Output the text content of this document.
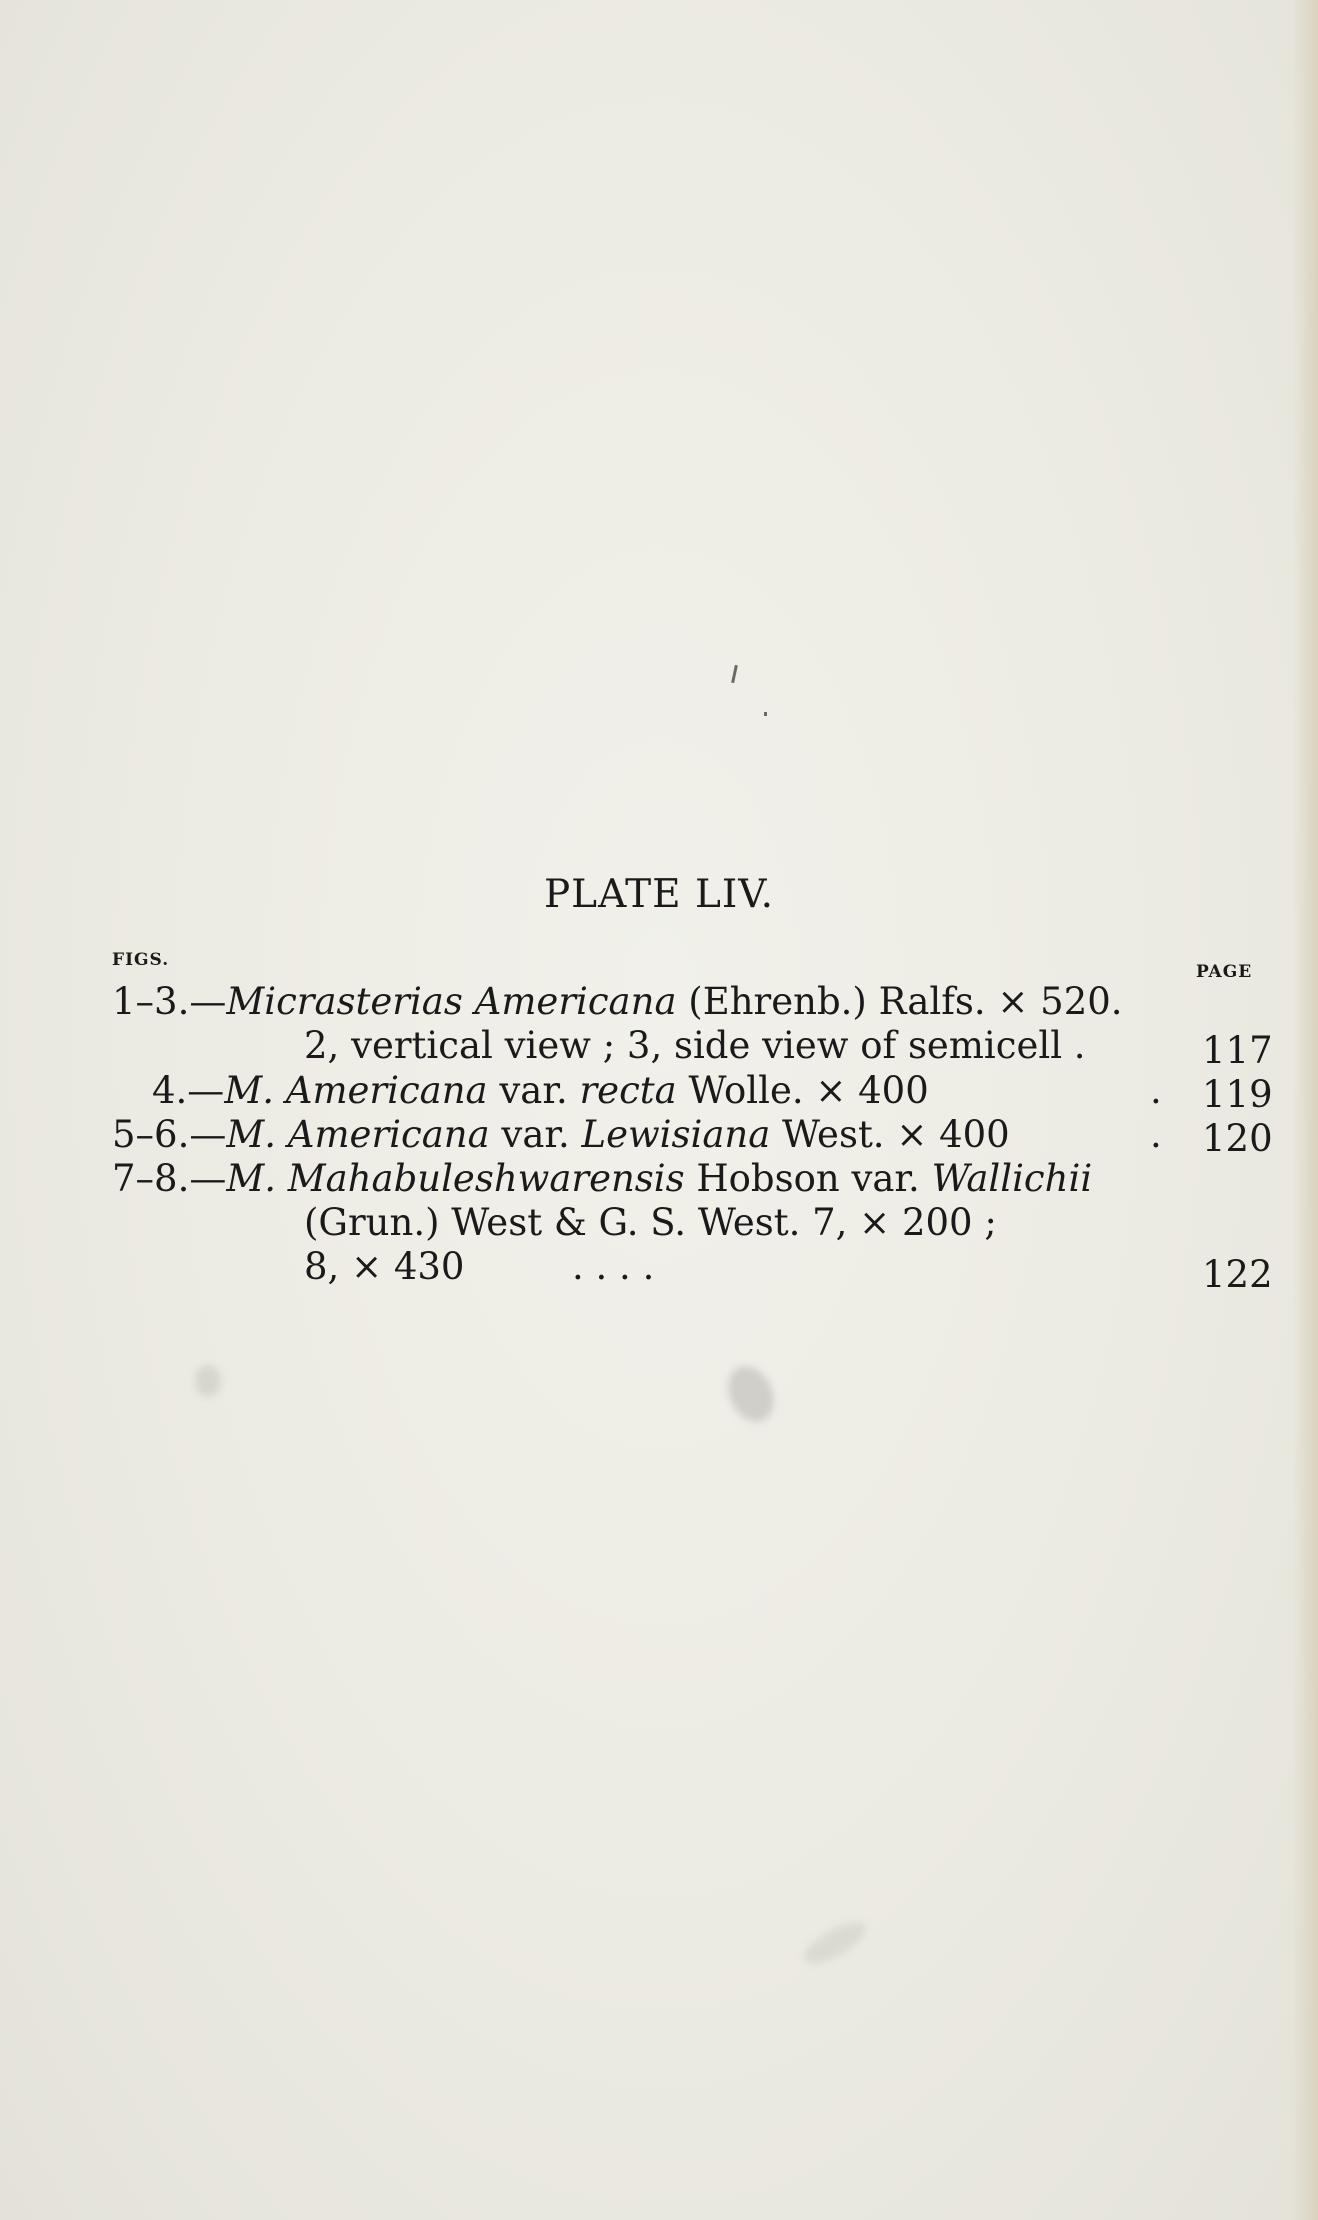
PLATE LIV.
FIGS.
PAGE
1–3.—Micrasterias Americana (Ehrenb.) Ralfs. × 520.
2, vertical view ; 3, side view of semicell .	117
4.—M. Americana var. recta Wolle. × 400	. 119
5–6.—M. Americana var. Lewisiana West. × 400	. 120
7–8.—M. Mahabuleshwarensis Hobson var. Wallichii
(Grun.) West & G. S. West. 7, × 200 ;
8, × 430	. . . .	122
